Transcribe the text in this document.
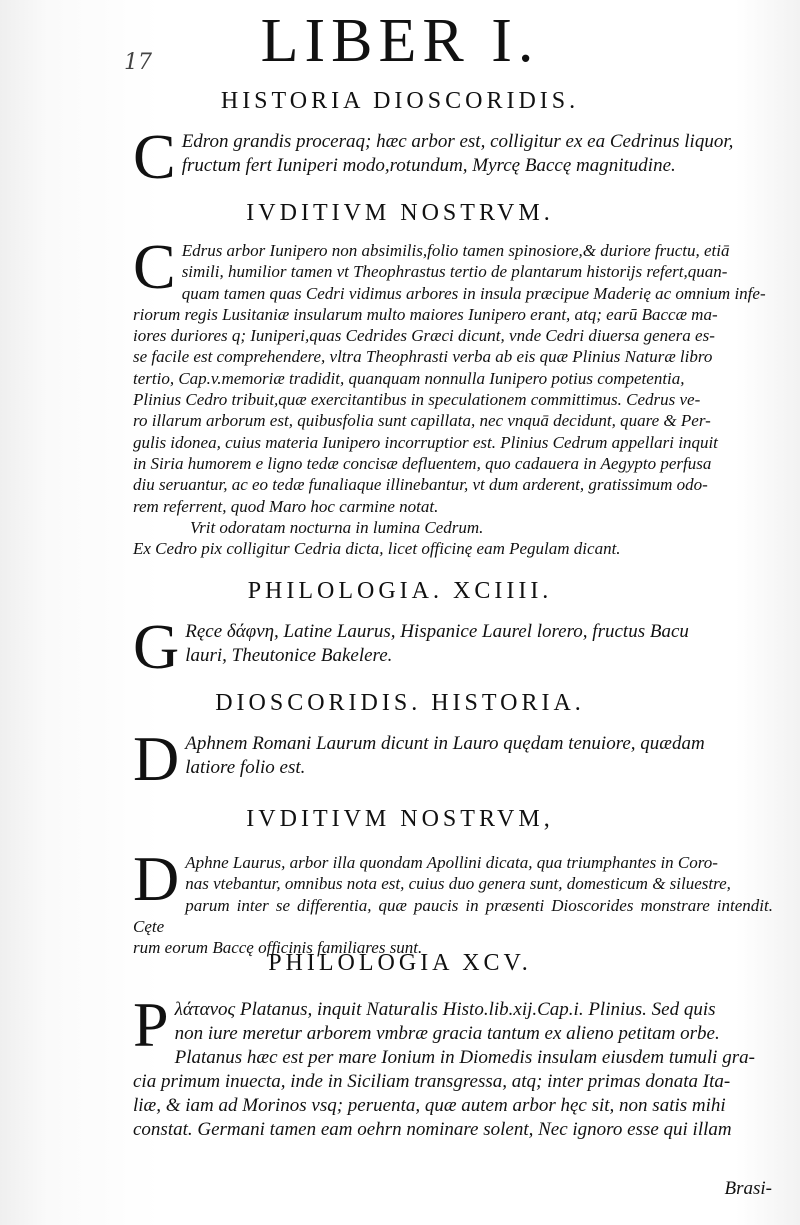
17	LIBER I.
HISTORIA DIOSCORIDIS.
C Edron grandis proceraq; hæc arbor est, colligitur ex ea Cedrinus liquor,
fructum fert Iuniperi modo,rotundum, Myrcę Baccę magnitudine.
IVDITIVM NOSTRVM.
C Edrus arbor Iunipero non absimilis,folio tamen spinosiore,& duriore fructu, etiā
simili, humilior tamen vt Theophrastus tertio de plantarum historijs refert,quan-
quam tamen quas Cedri vidimus arbores in insula præcipue Maderię ac omnium infe-
riorum regis Lusitaniæ insularum multo maiores Iunipero erant, atq; earū Baccæ ma-
iores duriores q; Iuniperi,quas Cedrides Græci dicunt, vnde Cedri diuersa genera es-
se facile est comprehendere, vltra Theophrasti verba ab eis quæ Plinius Naturæ libro
tertio, Cap.v.memoriæ tradidit, quanquam nonnulla Iunipero potius competentia,
Plinius Cedro tribuit,quæ exercitantibus in speculationem committimus. Cedrus ve-
ro illarum arborum est, quibusfolia sunt capillata, nec vnquā decidunt, quare & Per-
gulis idonea, cuius materia Iunipero incorruptior est. Plinius Cedrum appellari inquit
in Siria humorem e ligno tedæ concisæ defluentem, quo cadauera in Aegypto perfusa
diu seruantur, ac eo tedæ funaliaque illinebantur, vt dum arderent, gratissimum odo-
rem referrent, quod Maro hoc carmine notat.
Vrit odoratam nocturna in lumina Cedrum.
Ex Cedro pix colligitur Cedria dicta, licet officinę eam Pegulam dicant.
PHILOLOGIA. XCIIII.
G Ręce δάφνη, Latine Laurus, Hispanice Laurel lorero, fructus Bacu
lauri, Theutonice Bakelere.
DIOSCORIDIS. HISTORIA.
D Aphnem Romani Laurum dicunt in Lauro quędam tenuiore, quædam
latiore folio est.
IVDITIVM NOSTRVM,
D Aphne Laurus, arbor illa quondam Apollini dicata, qua triumphantes in Coro-
nas vtebantur, omnibus nota est, cuius duo genera sunt, domesticum & siluestre,
parum inter se differentia, quæ paucis in præsenti Dioscorides monstrare intendit. Cęte
rum eorum Baccę officinis familiares sunt.
PHILOLOGIA XCV.
P λάτανος Platanus, inquit Naturalis Histo.lib.xij.Cap.i. Plinius. Sed quis
non iure meretur arborem vmbræ gracia tantum ex alieno petitam orbe.
Platanus hæc est per mare Ionium in Diomedis insulam eiusdem tumuli gra-
cia primum inuecta, inde in Siciliam transgressa, atq; inter primas donata Ita-
liæ, & iam ad Morinos vsq; peruenta, quæ autem arbor hęc sit, non satis mihi
constat. Germani tamen eam oehrn nominare solent, Nec ignoro esse qui illam
Brasi-
